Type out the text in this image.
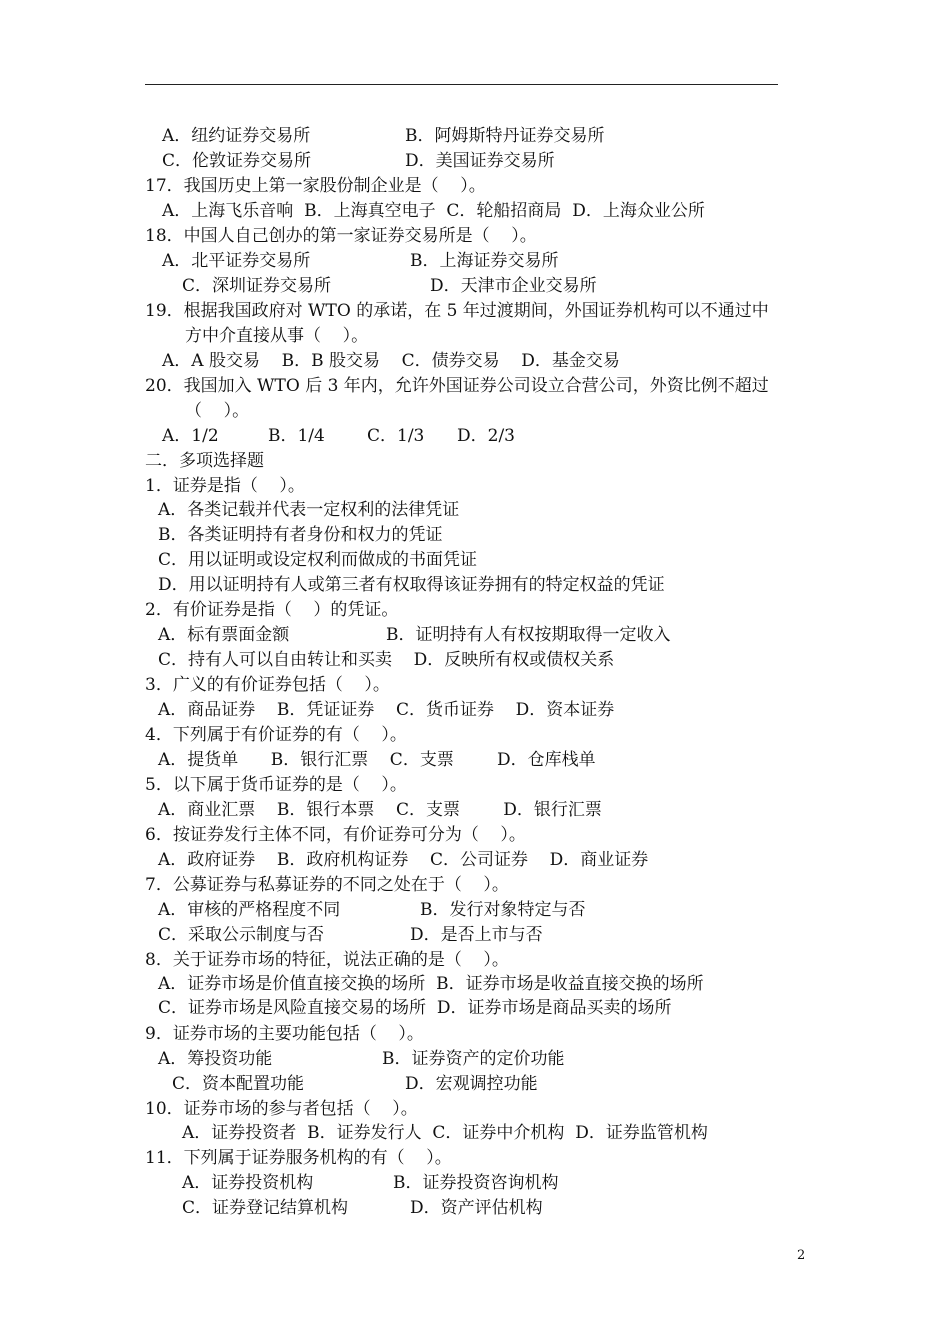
A．纽约证券交易所	B．阿姆斯特丹证券交易所
C．伦敦证券交易所	D．美国证券交易所
17．我国历史上第一家股份制企业是（    ）。
A．上海飞乐音响  B．上海真空电子  C．轮船招商局  D．上海众业公所
18．中国人自己创办的第一家证券交易所是（    ）。
A．北平证券交易所	B．上海证券交易所
C．深圳证券交易所	D．天津市企业交易所
19．根据我国政府对 WTO 的承诺，在 5 年过渡期间，外国证券机构可以不通过中
方中介直接从事（    ）。
A．A 股交易    B．B 股交易    C．债券交易    D．基金交易
20．我国加入 WTO 后 3 年内，允许外国证券公司设立合营公司，外资比例不超过
（    ）。
A．1/2	B．1/4 C．1/3 D．2/3
二．多项选择题
1．证券是指（    ）。
A．各类记载并代表一定权利的法律凭证
B．各类证明持有者身份和权力的凭证
C．用以证明或设定权利而做成的书面凭证
D．用以证明持有人或第三者有权取得该证券拥有的特定权益的凭证
2．有价证券是指（    ）的凭证。
A．标有票面金额	B．证明持有人有权按期取得一定收入
C．持有人可以自由转让和买卖    D．反映所有权或债权关系
3．广义的有价证券包括（    ）。
A．商品证券    B．凭证证券    C．货币证券    D．资本证券
4．下列属于有价证券的有（    ）。
A．提货单      B．银行汇票    C．支票        D．仓库栈单
5．以下属于货币证券的是（    ）。
A．商业汇票    B．银行本票    C．支票        D．银行汇票
6．按证券发行主体不同，有价证券可分为（    ）。
A．政府证券    B．政府机构证券    C．公司证券    D．商业证券
7．公募证券与私募证券的不同之处在于（    ）。
A．审核的严格程度不同	B．发行对象特定与否
C．采取公示制度与否	D．是否上市与否
8．关于证券市场的特征，说法正确的是（    ）。
A．证券市场是价值直接交换的场所  B．证券市场是收益直接交换的场所
C．证券市场是风险直接交易的场所  D．证券市场是商品买卖的场所
9．证券市场的主要功能包括（    ）。
A．筹投资功能	B．证券资产的定价功能
C．资本配置功能	D．宏观调控功能
10．证券市场的参与者包括（    ）。
A．证券投资者  B．证券发行人  C．证券中介机构  D．证券监管机构
11．下列属于证券服务机构的有（    ）。
A．证券投资机构	B．证券投资咨询机构
C．证券登记结算机构	D．资产评估机构
2
